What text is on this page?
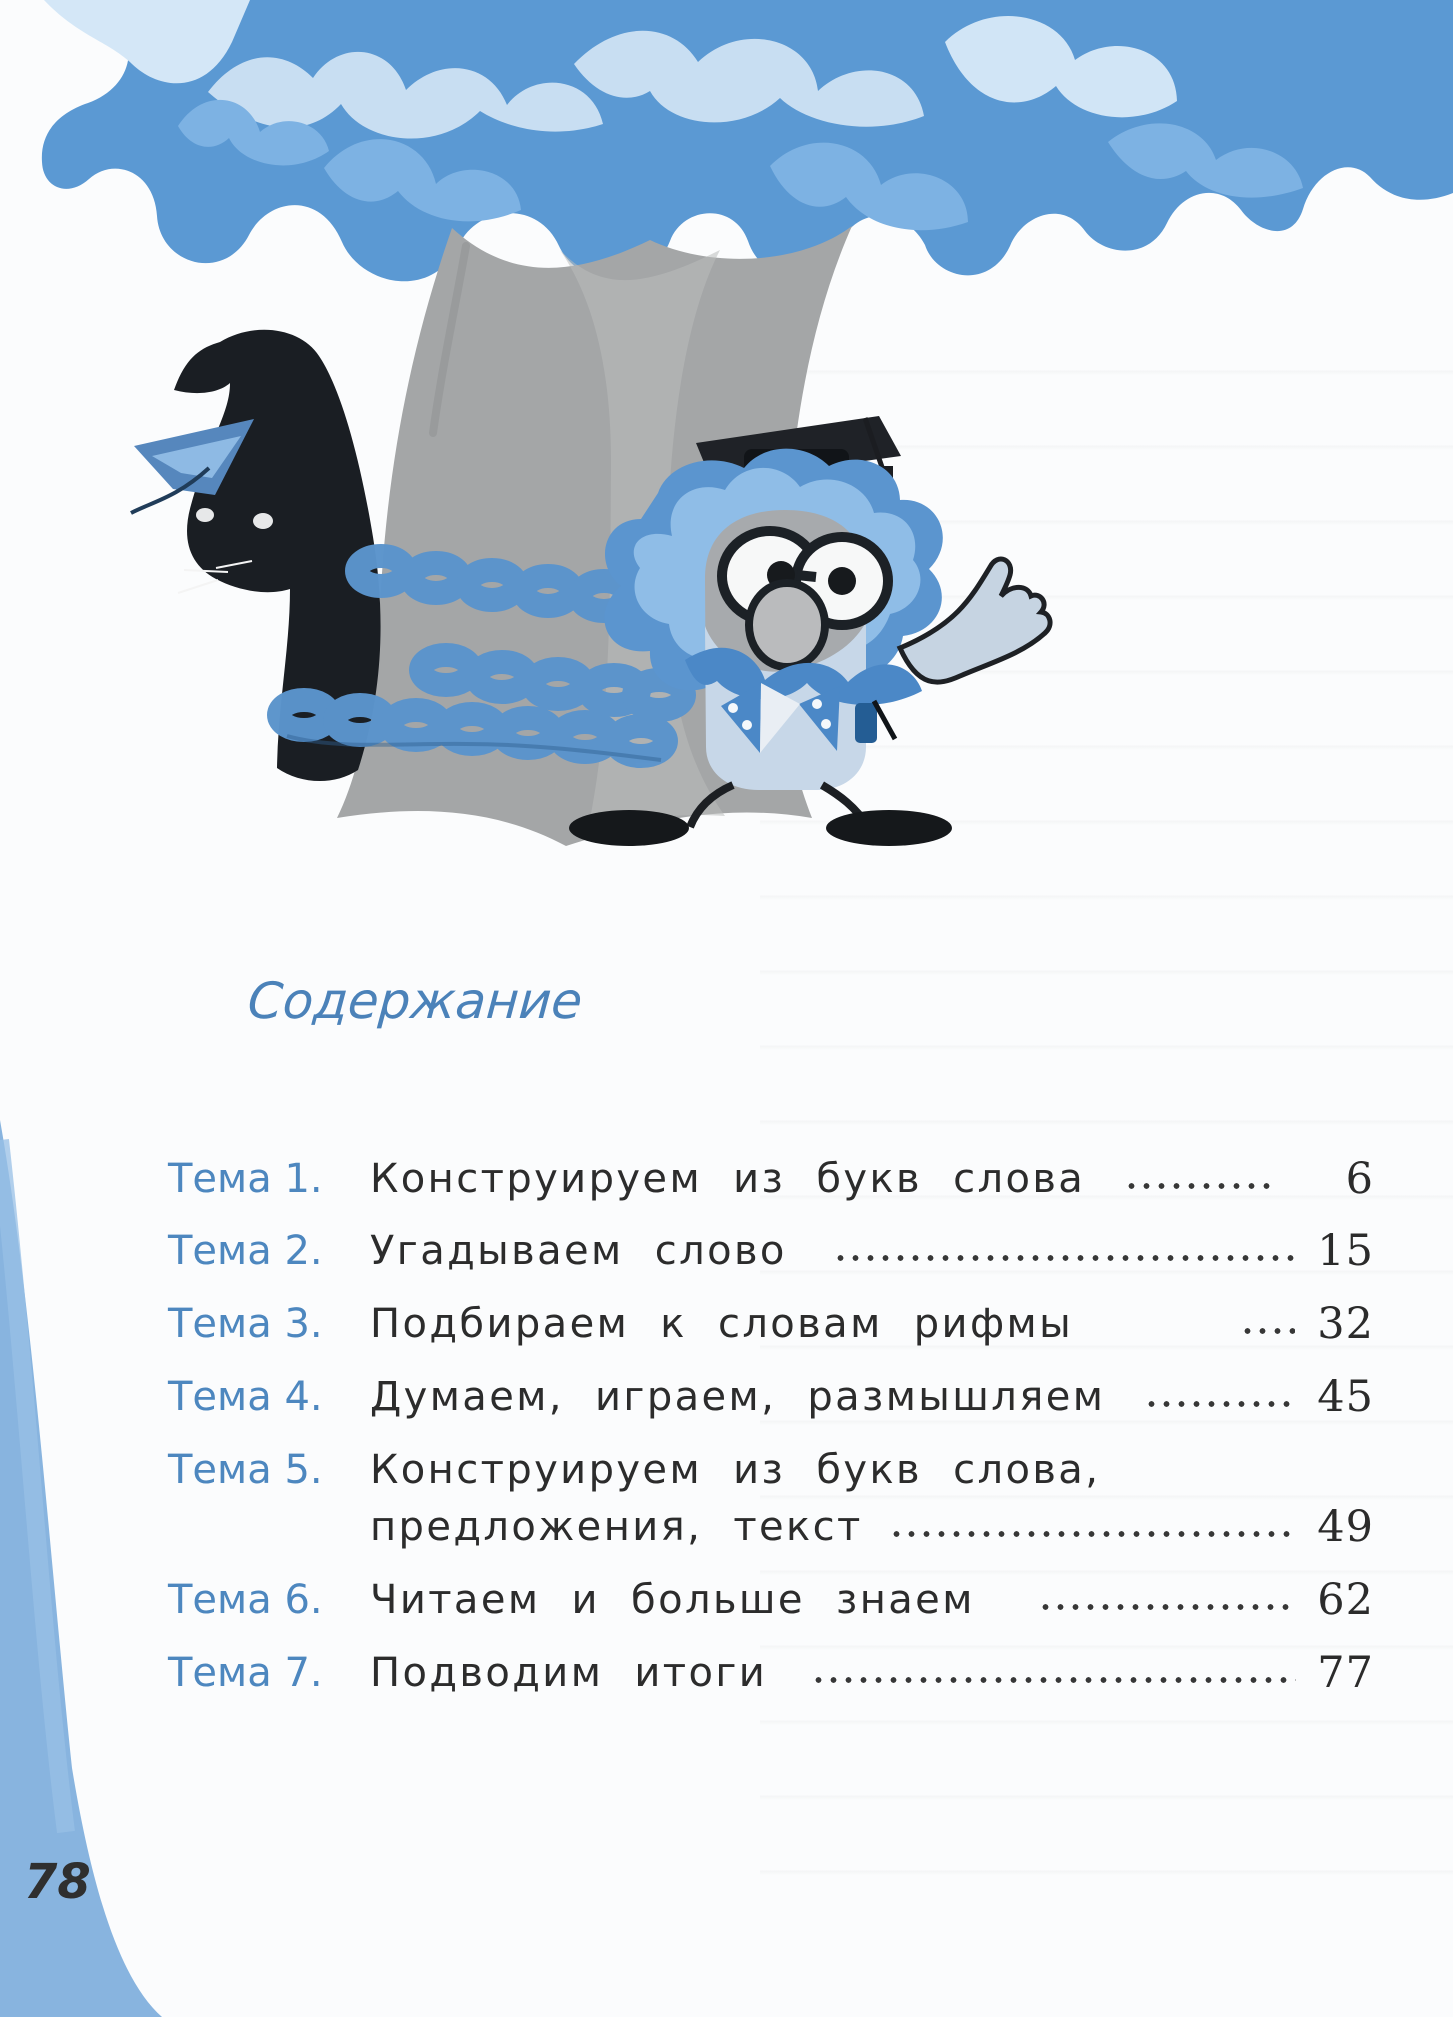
Содержание
Тема 1.	Конструируем из букв слова	6
Тема 2.	Угадываем слово	15
Тема 3.	Подбираем к словам рифмы	32
Тема 4.	Думаем, играем, размышляем	45
Тема 5.	Конструируем из букв слова,
предложения, текст	49
Тема 6.	Читаем и больше знаем	62
Тема 7.	Подводим итоги	77
78
